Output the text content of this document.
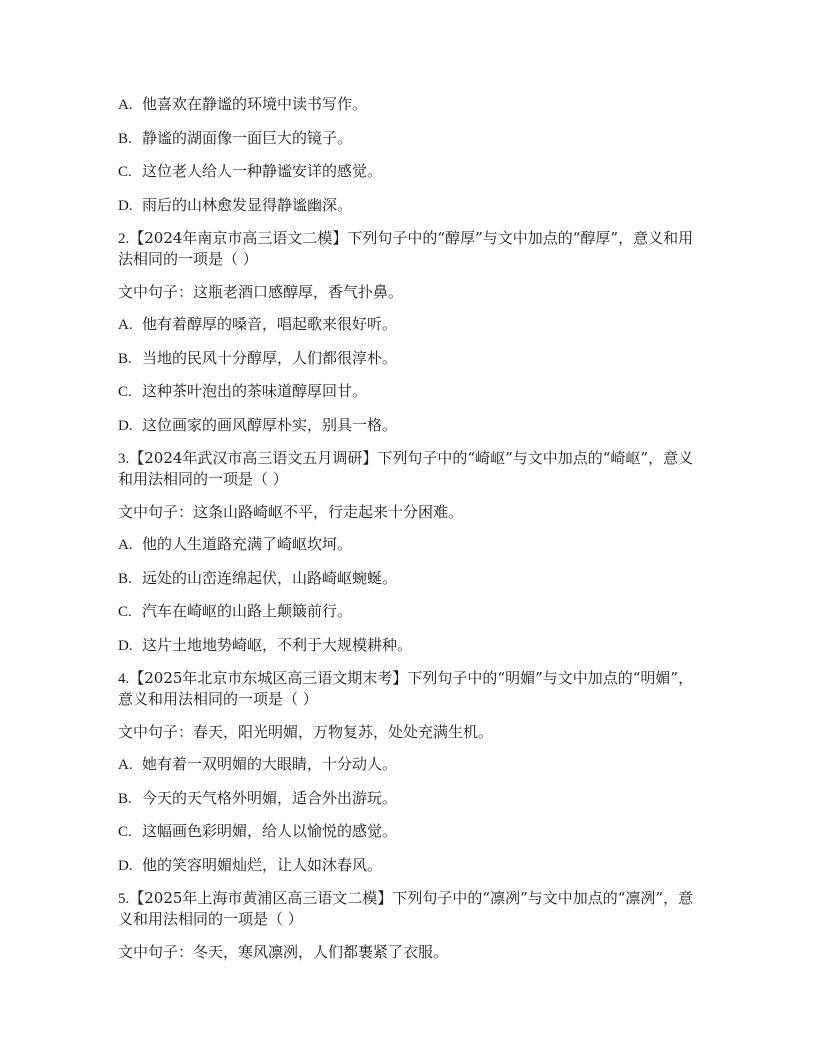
A. 他喜欢在静谧的环境中读书写作。
B. 静谧的湖面像一面巨大的镜子。
C. 这位老人给人一种静谧安详的感觉。
D. 雨后的山林愈发显得静谧幽深。
2.【2024年南京市高三语文二模】下列句子中的“醇厚”与文中加点的“醇厚”，意义和用法相同的一项是（ ）
文中句子：这瓶老酒口感醇厚，香气扑鼻。
A. 他有着醇厚的嗓音，唱起歌来很好听。
B. 当地的民风十分醇厚，人们都很淳朴。
C. 这种茶叶泡出的茶味道醇厚回甘。
D. 这位画家的画风醇厚朴实，别具一格。
3.【2024年武汉市高三语文五月调研】下列句子中的“崎岖”与文中加点的“崎岖”，意义和用法相同的一项是（ ）
文中句子：这条山路崎岖不平，行走起来十分困难。
A. 他的人生道路充满了崎岖坎坷。
B. 远处的山峦连绵起伏，山路崎岖蜿蜒。
C. 汽车在崎岖的山路上颠簸前行。
D. 这片土地地势崎岖，不利于大规模耕种。
4.【2025年北京市东城区高三语文期末考】下列句子中的“明媚”与文中加点的“明媚”，意义和用法相同的一项是（ ）
文中句子：春天，阳光明媚，万物复苏，处处充满生机。
A. 她有着一双明媚的大眼睛，十分动人。
B. 今天的天气格外明媚，适合外出游玩。
C. 这幅画色彩明媚，给人以愉悦的感觉。
D. 他的笑容明媚灿烂，让人如沐春风。
5.【2025年上海市黄浦区高三语文二模】下列句子中的“凛冽”与文中加点的“凛冽”，意义和用法相同的一项是（ ）
文中句子：冬天，寒风凛冽，人们都裹紧了衣服。
